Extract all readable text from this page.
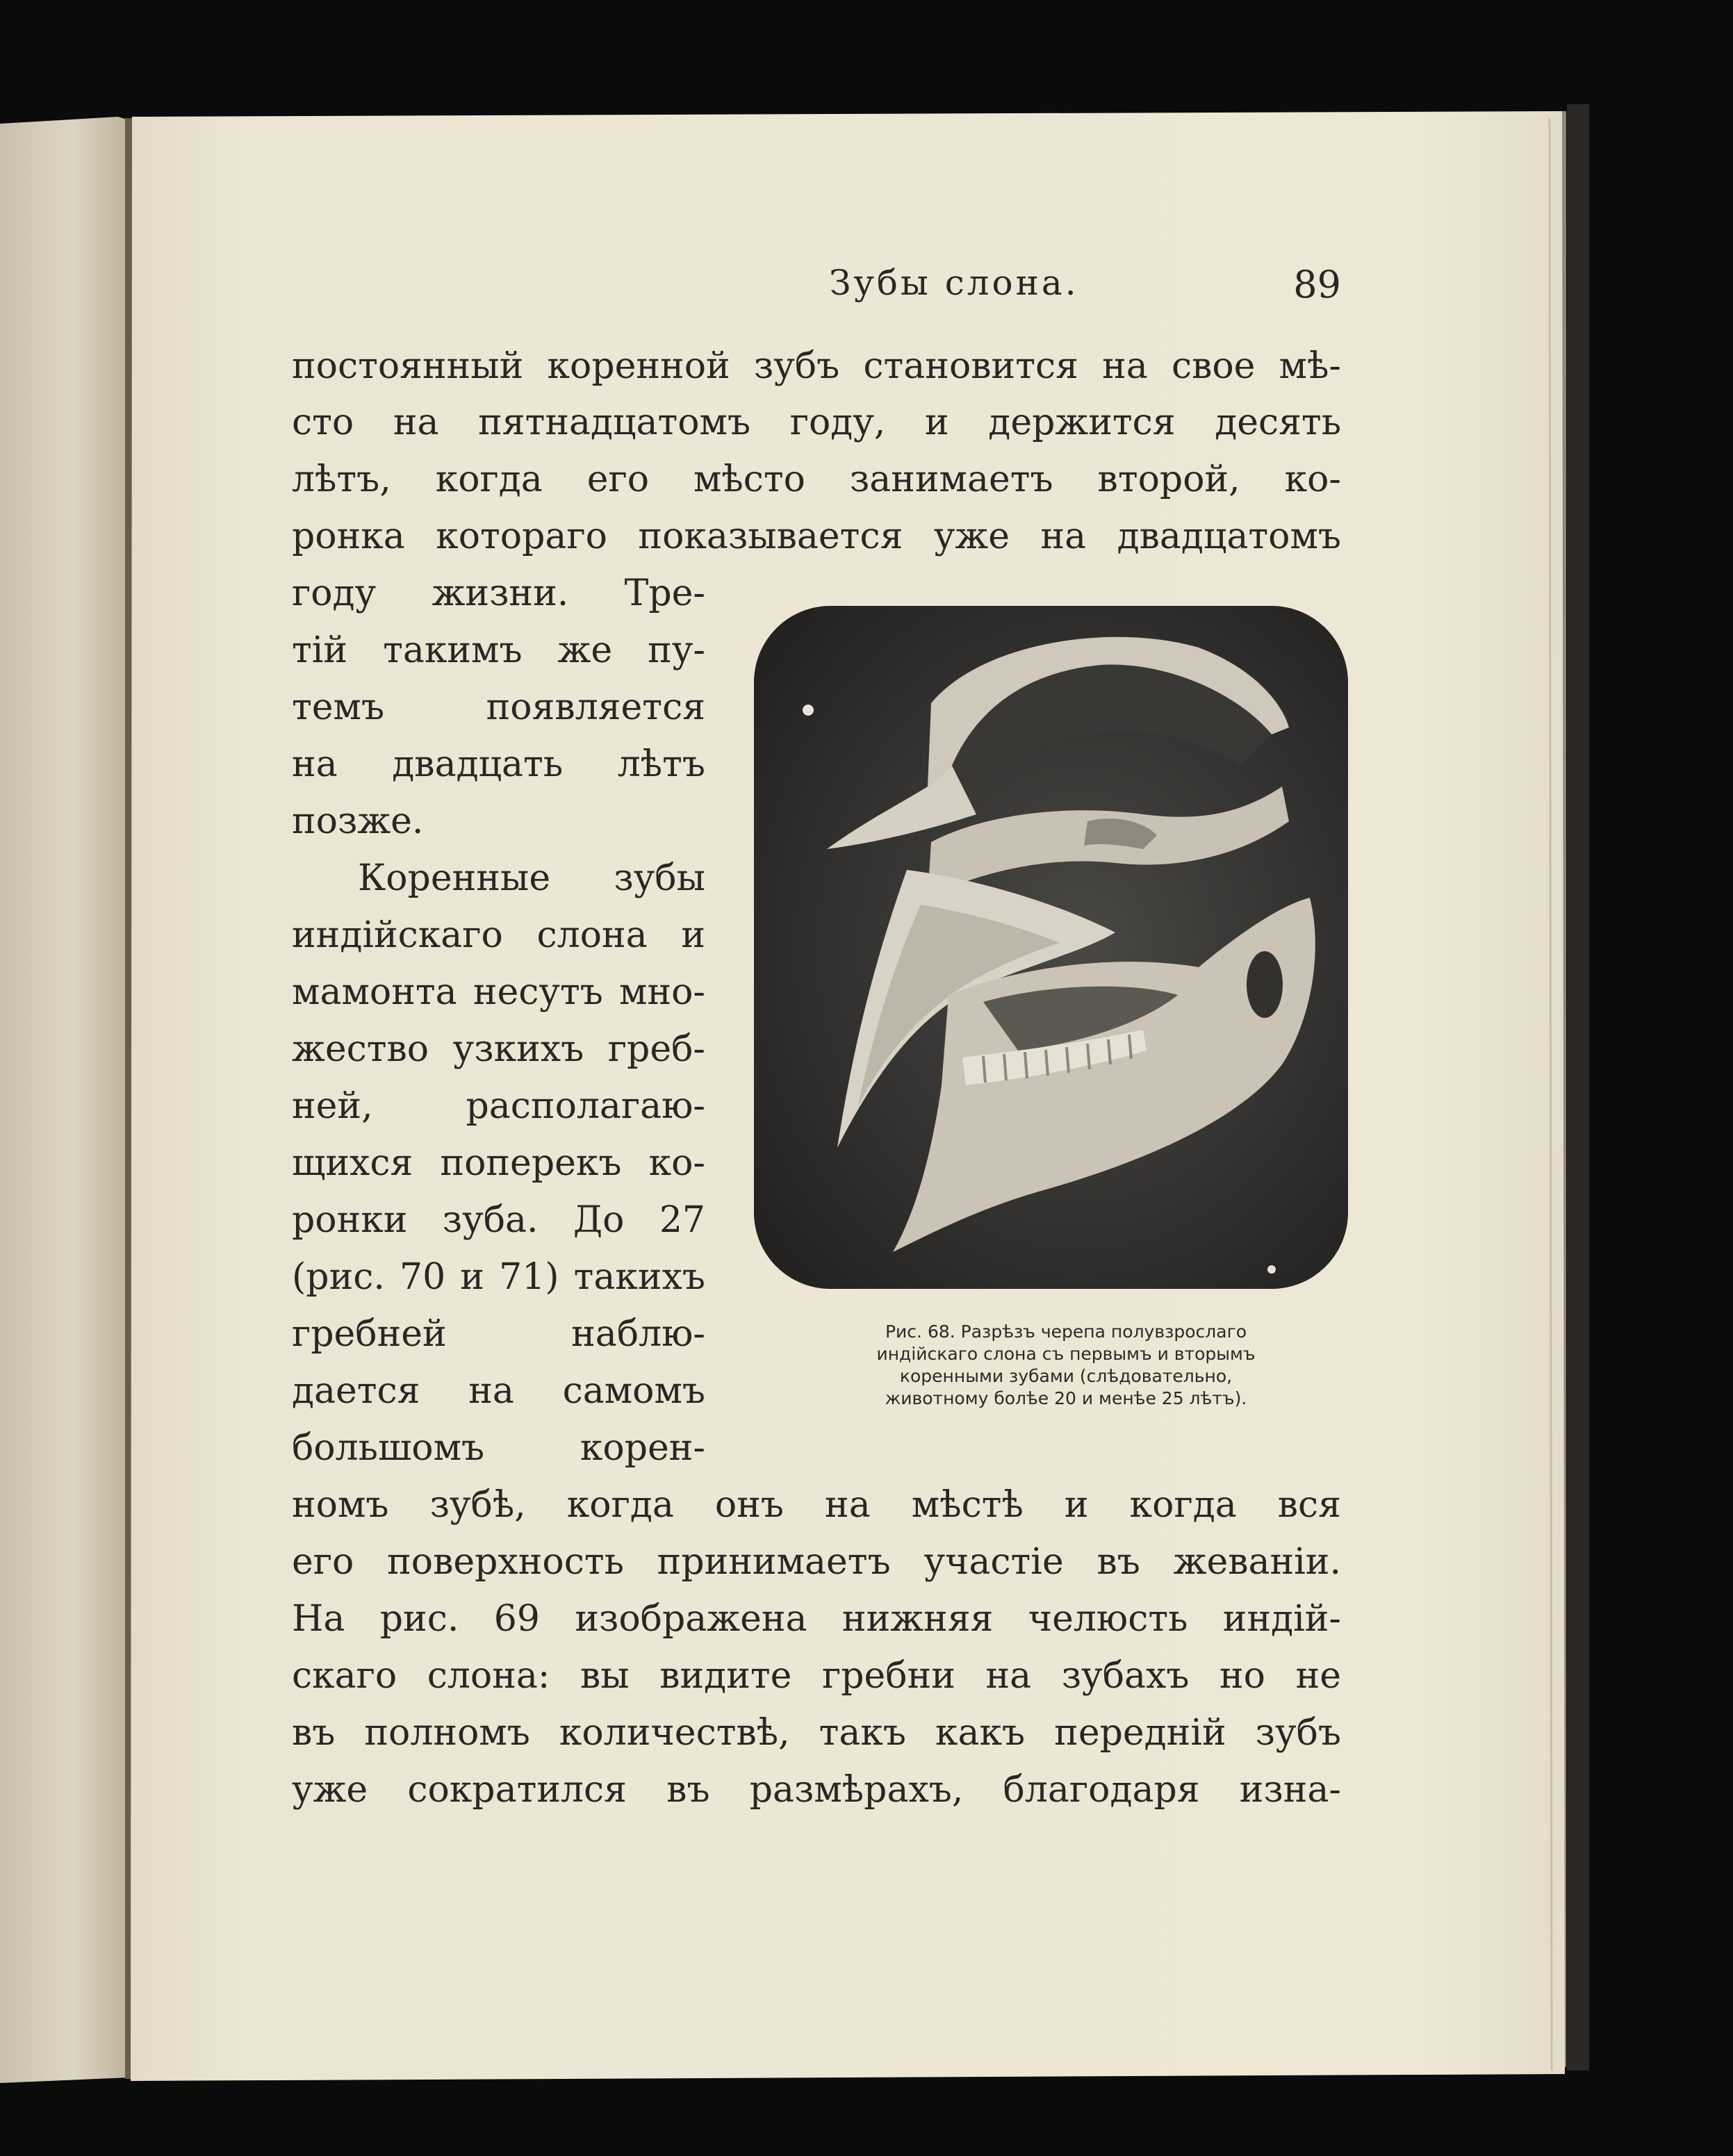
Зубы слона.	89
постоянный коренной зубъ становится на свое мѣ-
сто на пятнадцатомъ году, и держится десять
лѣтъ, когда его мѣсто занимаетъ второй, ко-
ронка котораго показывается уже на двадцатомъ
году жизни. Тре-
тій такимъ же пу-
темъ появляется
на двадцать лѣтъ
позже.
Коренные зубы
индійскаго слона и
мамонта несутъ мно-
жество узкихъ греб-
ней, располагаю-
щихся поперекъ ко-
ронки зуба. До 27
(рис. 70 и 71) такихъ
гребней наблю-
дается на самомъ
большомъ корен-
Рис. 68. Разрѣзъ черепа полувзрослаго
индійскаго слона съ первымъ и вторымъ
коренными зубами (слѣдовательно,
животному болѣе 20 и менѣе 25 лѣтъ).
номъ зубѣ, когда онъ на мѣстѣ и когда вся
его поверхность принимаетъ участіе въ жеваніи.
На рис. 69 изображена нижняя челюсть индій-
скаго слона: вы видите гребни на зубахъ но не
въ полномъ количествѣ, такъ какъ передній зубъ
уже сократился въ размѣрахъ, благодаря изна-
